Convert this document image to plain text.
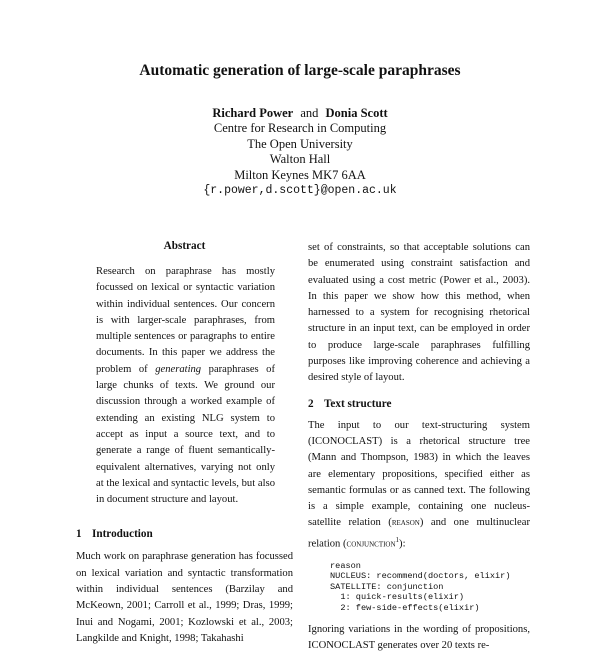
Automatic generation of large-scale paraphrases
Richard Power and Donia Scott
Centre for Research in Computing
The Open University
Walton Hall
Milton Keynes MK7 6AA
{r.power,d.scott}@open.ac.uk
Abstract

Research on paraphrase has mostly focussed on lexical or syntactic variation within individual sentences. Our concern is with larger-scale paraphrases, from multiple sentences or paragraphs to entire documents. In this paper we address the problem of generating paraphrases of large chunks of texts. We ground our discussion through a worked example of extending an existing NLG system to accept as input a source text, and to generate a range of fluent semantically-equivalent alternatives, varying not only at the lexical and syntactic levels, but also in document structure and layout.

1 Introduction

Much work on paraphrase generation has focussed on lexical variation and syntactic transformation within individual sentences (Barzilay and McKeown, 2001; Carroll et al., 1999; Dras, 1999; Inui and Nogami, 2001; Kozlowski et al., 2003; Langkilde and Knight, 1998; Takahashi

set of constraints, so that acceptable solutions can be enumerated using constraint satisfaction and evaluated using a cost metric (Power et al., 2003). In this paper we show how this method, when harnessed to a system for recognising rhetorical structure in an input text, can be employed in order to produce large-scale paraphrases fulfilling purposes like improving coherence and achieving a desired style of layout.

2 Text structure

The input to our text-structuring system (ICONOCLAST) is a rhetorical structure tree (Mann and Thompson, 1983) in which the leaves are elementary propositions, specified either as semantic formulas or as canned text. The following is a simple example, containing one nucleus-satellite relation (reason) and one multinuclear relation (conjunction$^1$):

reason
NUCLEUS: recommend(doctors, elixir)
SATELLITE: conjunction
1: quick-results(elixir)
2: few-side-effects(elixir)

Ignoring variations in the wording of propositions, ICONOCLAST generates over 20 texts re-
